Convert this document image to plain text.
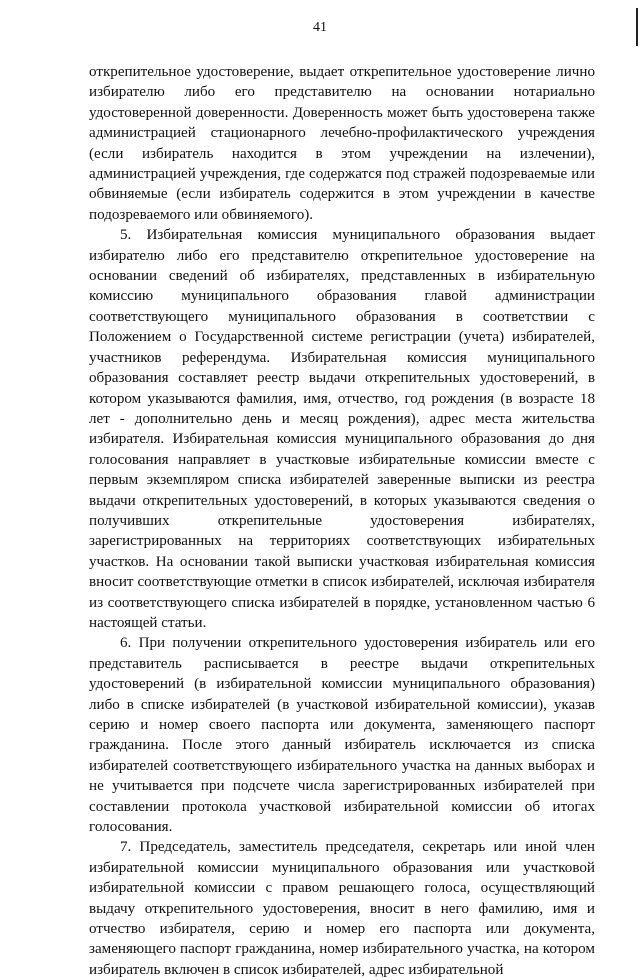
41

открепительное удостоверение, выдает открепительное удостоверение лично избирателю либо его представителю на основании нотариально удостоверенной доверенности. Доверенность может быть удостоверена также администрацией стационарного лечебно-профилактического учреждения (если избиратель находится в этом учреждении на излечении), администрацией учреждения, где содержатся под стражей подозреваемые или обвиняемые (если избиратель содержится в этом учреждении в качестве подозреваемого или обвиняемого).

5. Избирательная комиссия муниципального образования выдает избирателю либо его представителю открепительное удостоверение на основании сведений об избирателях, представленных в избирательную комиссию муниципального образования главой администрации соответствующего муниципального образования в соответствии с Положением о Государственной системе регистрации (учета) избирателей, участников референдума. Избирательная комиссия муниципального образования составляет реестр выдачи открепительных удостоверений, в котором указываются фамилия, имя, отчество, год рождения (в возрасте 18 лет - дополнительно день и месяц рождения), адрес места жительства избирателя. Избирательная комиссия муниципального образования до дня голосования направляет в участковые избирательные комиссии вместе с первым экземпляром списка избирателей заверенные выписки из реестра выдачи открепительных удостоверений, в которых указываются сведения о получивших открепительные удостоверения избирателях, зарегистрированных на территориях соответствующих избирательных участков. На основании такой выписки участковая избирательная комиссия вносит соответствующие отметки в список избирателей, исключая избирателя из соответствующего списка избирателей в порядке, установленном частью 6 настоящей статьи.

6. При получении открепительного удостоверения избиратель или его представитель расписывается в реестре выдачи открепительных удостоверений (в избирательной комиссии муниципального образования) либо в списке избирателей (в участковой избирательной комиссии), указав серию и номер своего паспорта или документа, заменяющего паспорт гражданина. После этого данный избиратель исключается из списка избирателей соответствующего избирательного участка на данных выборах и не учитывается при подсчете числа зарегистрированных избирателей при составлении протокола участковой избирательной комиссии об итогах голосования.

7. Председатель, заместитель председателя, секретарь или иной член избирательной комиссии муниципального образования или участковой избирательной комиссии с правом решающего голоса, осуществляющий выдачу открепительного удостоверения, вносит в него фамилию, имя и отчество избирателя, серию и номер его паспорта или документа, заменяющего паспорт гражданина, номер избирательного участка, на котором избиратель включен в список избирателей, адрес избирательной
